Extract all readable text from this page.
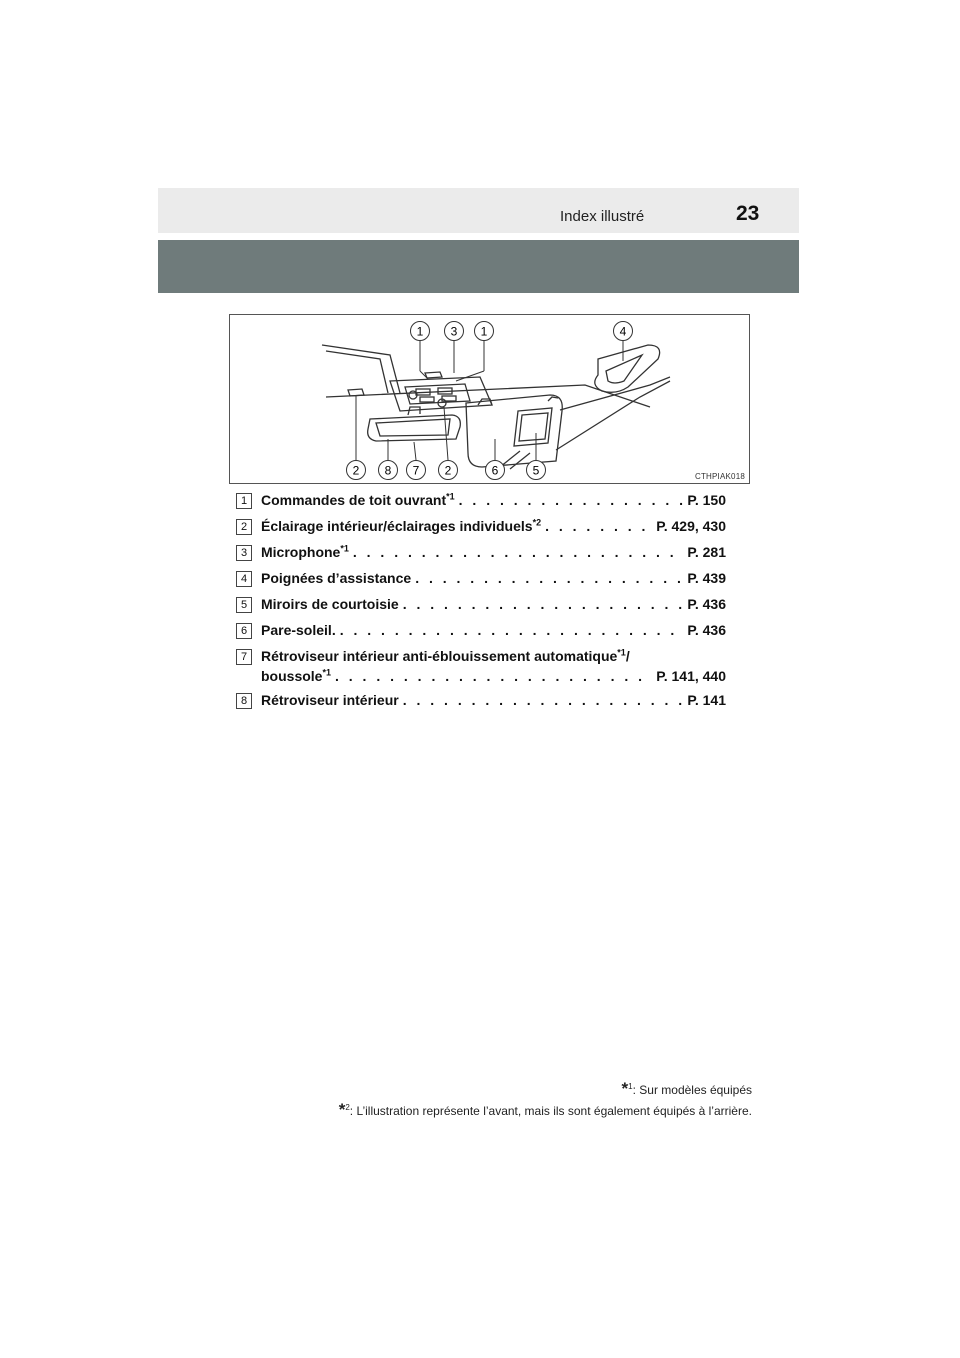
Index illustré	23
1 3 1	4
2 8 7 2	6	5	CTHPIAK018
1 Commandes de toit ouvrant$^{*1}$ . . .	P. 150
2 Éclairage intérieur/éclairages individuels$^{*2}$ . . .	P. 429, 430
3 Microphone$^{*1}$ . . .	P. 281
4 Poignées d’assistance . . .	P. 439
5 Miroirs de courtoisie . . .	P. 436
6 Pare-soleil. . . .	P. 436
7 Rétroviseur intérieur anti-éblouissement automatique$^{*1}$/
boussole$^{*1}$ . . .	P. 141, 440
8 Rétroviseur intérieur . . .	P. 141
*$^1$: Sur modèles équipés
*$^2$: L’illustration représente l’avant, mais ils sont également équipés à l’arrière.
